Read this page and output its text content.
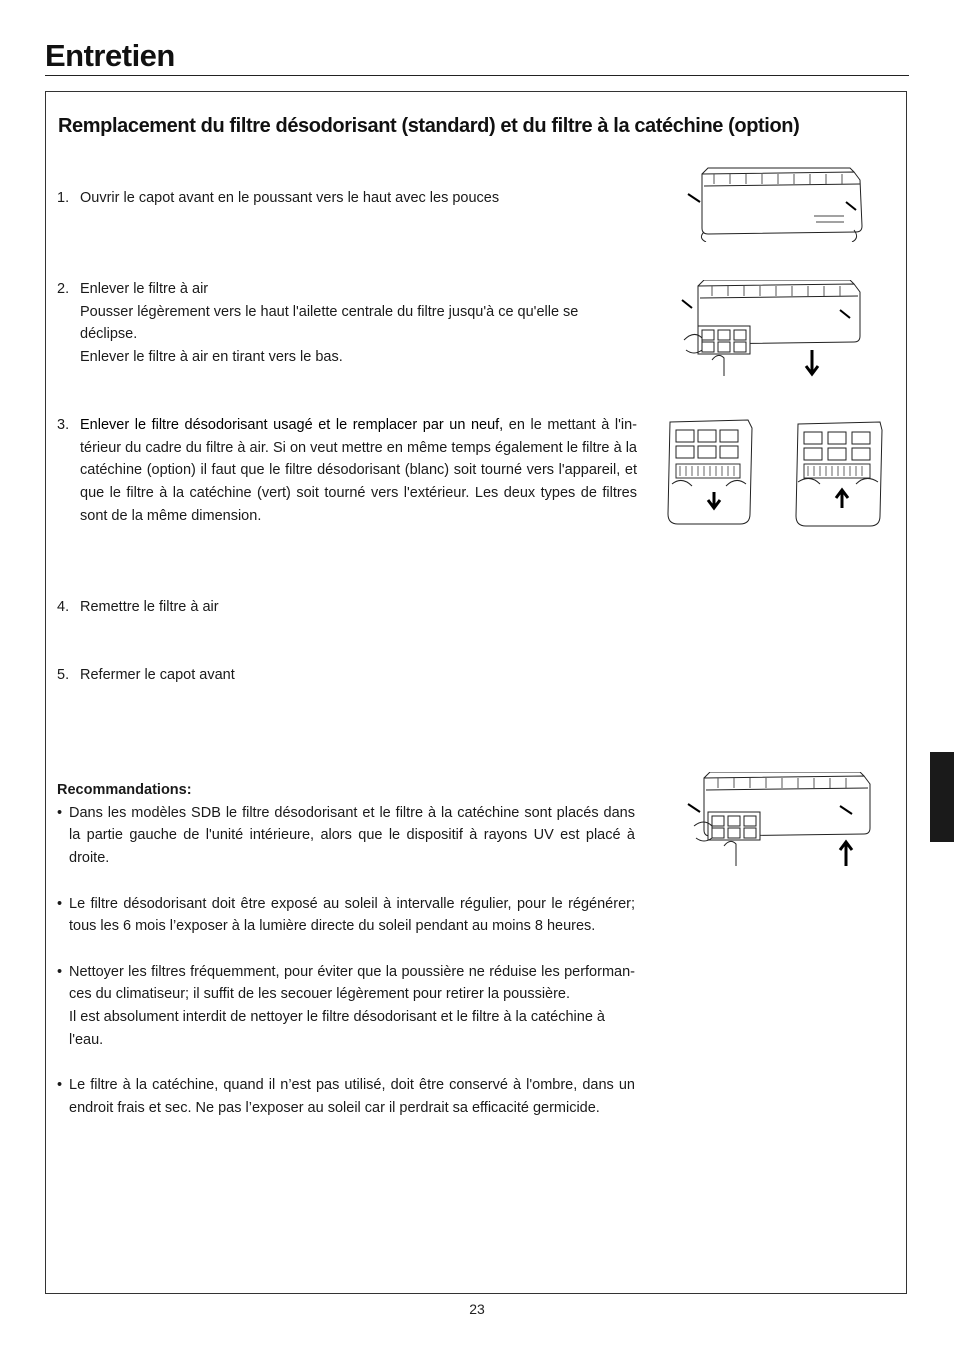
Entretien
Remplacement du filtre désodorisant (standard) et du filtre à la catéchine (option)
1. Ouvrir le capot avant en le poussant vers le haut avec les pouces
2. Enlever le filtre à air
Pousser légèrement vers le haut l'ailette centrale du filtre jusqu'à ce qu'elle se déclipse.
Enlever le filtre à air en tirant vers le bas.
3. Enlever le filtre désodorisant usagé et le remplacer par un neuf, en le mettant à l'in-térieur du cadre du filtre à air. Si on veut mettre en même temps également le filtre à la catéchine (option) il faut que le filtre désodorisant (blanc) soit tourné vers l'appareil, et que le filtre à la catéchine (vert) soit tourné vers l'extérieur. Les deux types de filtres sont de la même dimension.
4. Remettre le filtre à air
5. Refermer le capot avant

Recommandations:

• Dans les modèles SDB le filtre désodorisant et le filtre à la catéchine sont placés dans la partie gauche de l'unité intérieure, alors que le dispositif à rayons UV est placé à droite.

• Le filtre désodorisant doit être exposé au soleil à intervalle régulier, pour le régénérer; tous les 6 mois l’exposer à la lumière directe du soleil pendant au moins 8 heures.

• Nettoyer les filtres fréquemment, pour éviter que la poussière ne réduise les performan-ces du climatiseur; il suffit de les secouer légèrement pour retirer la poussière.
Il est absolument interdit de nettoyer le filtre désodorisant et le filtre à la catéchine à l'eau.

• Le filtre à la catéchine, quand il n’est pas utilisé, doit être conservé à l'ombre, dans un endroit frais et sec. Ne pas l’exposer au soleil car il perdrait sa efficacité germicide.

23
